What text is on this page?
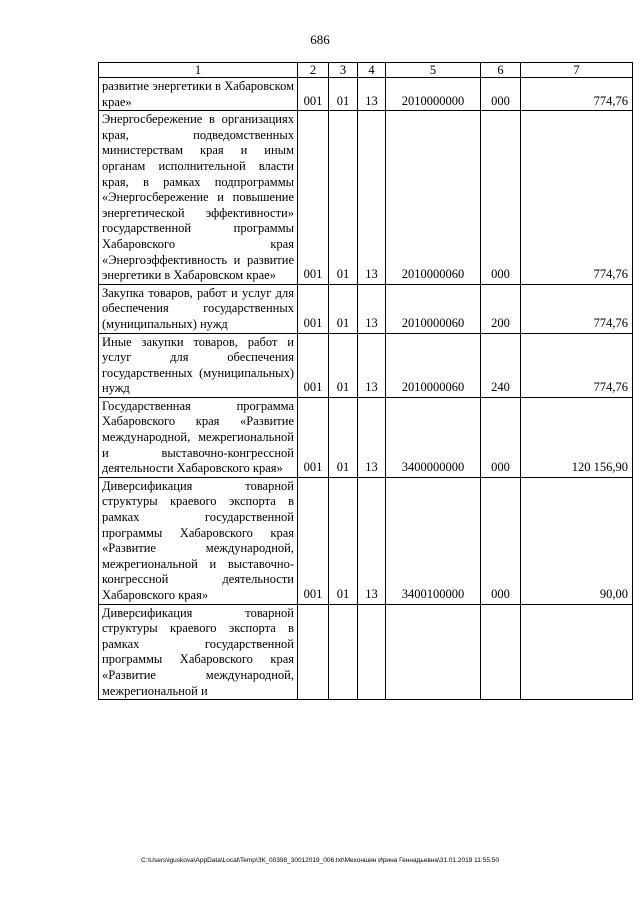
686
1	2	3	4	5	6	7
развитие энергетики в Хабаровском крае»	001	01	13	2010000000	000	774,76
Энергосбережение в организациях края, подведомственных министерствам края и иным органам исполнительной власти края, в рамках подпрограммы «Энергосбережение и повышение энергетической эффективности» государственной программы Хабаровского края «Энергоэффективность и развитие энергетики в Хабаровском крае»	001	01	13	2010000060	000	774,76
Закупка товаров, работ и услуг для обеспечения государственных (муниципальных) нужд	001	01	13	2010000060	200	774,76
Иные закупки товаров, работ и услуг для обеспечения государственных (муниципальных) нужд	001	01	13	2010000060	240	774,76
Государственная программа Хабаровского края «Развитие международной, межрегиональной и выставочно-конгрессной деятельности Хабаровского края»	001	01	13	3400000000	000	120 156,90
Диверсификация товарной структуры краевого экспорта в рамках государственной программы Хабаровского края «Развитие международной, межрегиональной и выставочно-конгрессной деятельности Хабаровского края»	001	01	13	3400100000	000	90,00
Диверсификация товарной структуры краевого экспорта в рамках государственной программы Хабаровского края «Развитие международной, межрегиональной и						
C:\Users\iguskova\AppData\Local\Temp\ЗК_00398_30012019_006.txt\Мехоншин Ирина Геннадьевна\31.01.2019 11:55:50
